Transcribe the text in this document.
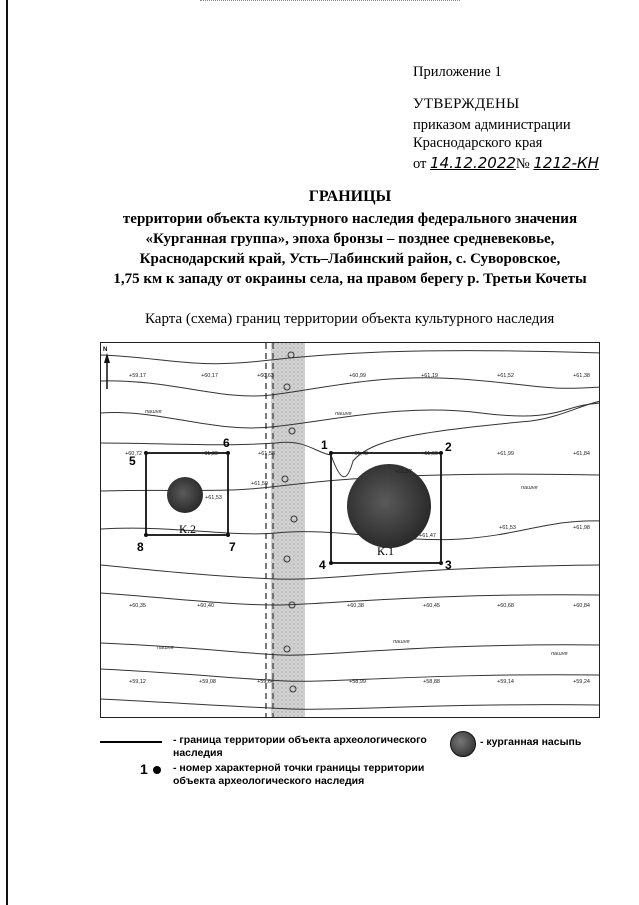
Приложение 1
УТВЕРЖДЕНЫ
приказом администрации
Краснодарского края
от 14.12.2022№ 1212-КН
ГРАНИЦЫ
территории объекта культурного наследия федерального значения
«Курганная группа», эпоха бронзы – позднее средневековье,
Краснодарский край, Усть–Лабинский район, с. Суворовское,
1,75 км к западу от окраины села, на правом берегу р. Третьи Кочеты
Карта (схема) границ территории объекта культурного наследия
К.2
К.1
1	2
3
4
5
6
7
8
+59,17	+60,17	+60,63	+60,99	+61,19	+61,52	+61,38
+60,72	+61,30	+61,58	+61,48	+61,60	+61,99	+61,84
+61,59
+61,53
+61,57
+61,47
+61,53	+61,98
+60,35	+60,40	+60,38	+60,45	+60,68	+60,84
+59,12	+59,08	+59,64	+58,99	+58,88	+59,14	+59,24
пашня	пашня
пашня
пашня
пашня
пашня
N
- граница территории объекта археологического наследия
- курганная насыпь
1 - номер характерной точки границы территории объекта археологического наследия
